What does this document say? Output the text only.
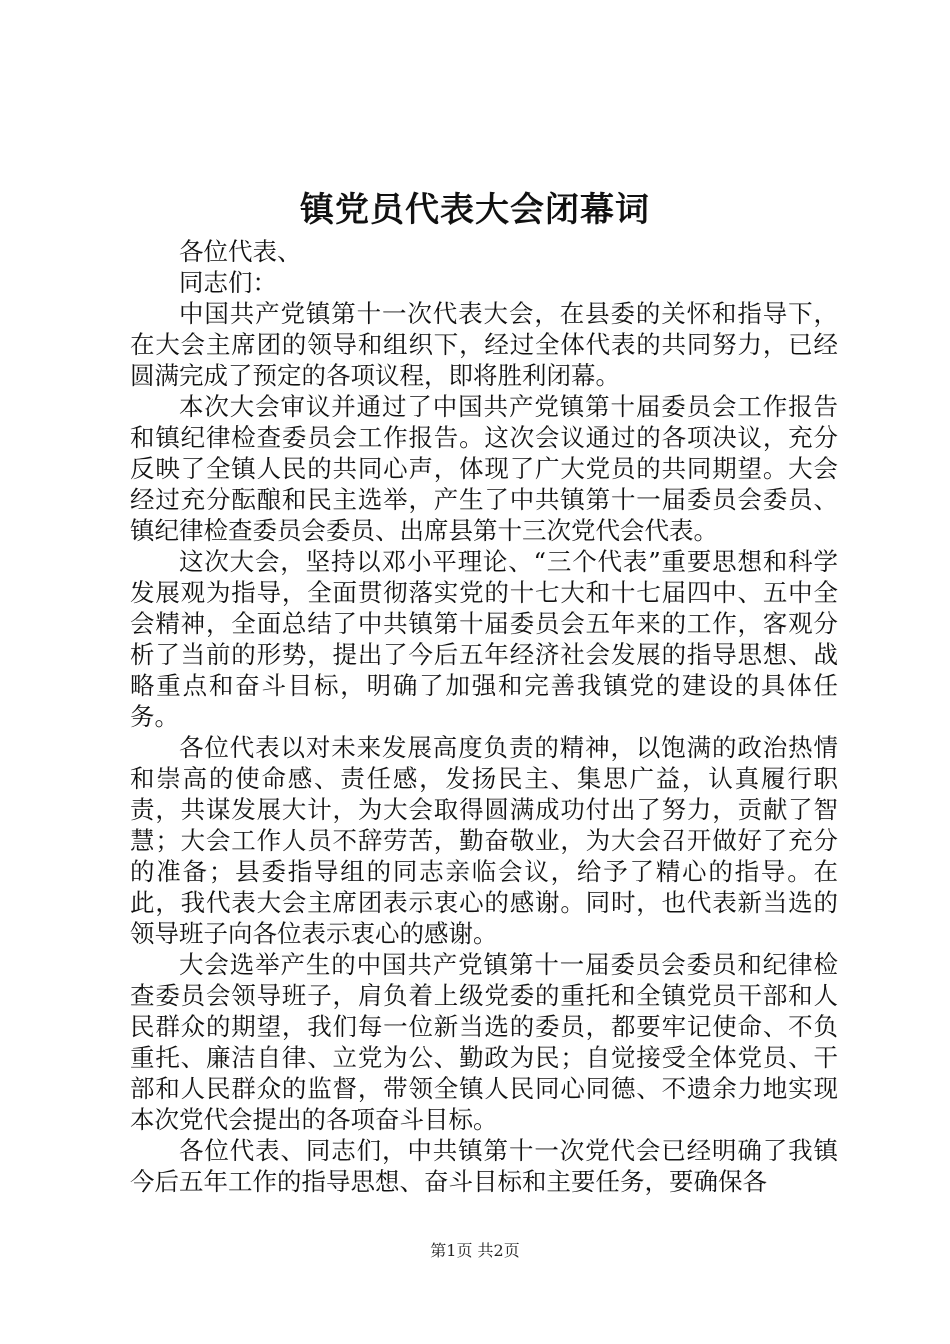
镇党员代表大会闭幕词

各位代表、

同志们：

中国共产党镇第十一次代表大会，在县委的关怀和指导下，在大会主席团的领导和组织下，经过全体代表的共同努力，已经圆满完成了预定的各项议程，即将胜利闭幕。

本次大会审议并通过了中国共产党镇第十届委员会工作报告和镇纪律检查委员会工作报告。这次会议通过的各项决议，充分反映了全镇人民的共同心声，体现了广大党员的共同期望。大会经过充分酝酿和民主选举，产生了中共镇第十一届委员会委员、镇纪律检查委员会委员、出席县第十三次党代会代表。

这次大会，坚持以邓小平理论、“三个代表”重要思想和科学发展观为指导，全面贯彻落实党的十七大和十七届四中、五中全会精神，全面总结了中共镇第十届委员会五年来的工作，客观分析了当前的形势，提出了今后五年经济社会发展的指导思想、战略重点和奋斗目标，明确了加强和完善我镇党的建设的具体任务。

各位代表以对未来发展高度负责的精神，以饱满的政治热情和崇高的使命感、责任感，发扬民主、集思广益，认真履行职责，共谋发展大计，为大会取得圆满成功付出了努力，贡献了智慧；大会工作人员不辞劳苦，勤奋敬业，为大会召开做好了充分的准备；县委指导组的同志亲临会议，给予了精心的指导。在此，我代表大会主席团表示衷心的感谢。同时，也代表新当选的领导班子向各位表示衷心的感谢。

大会选举产生的中国共产党镇第十一届委员会委员和纪律检查委员会领导班子，肩负着上级党委的重托和全镇党员干部和人民群众的期望，我们每一位新当选的委员，都要牢记使命、不负重托、廉洁自律、立党为公、勤政为民；自觉接受全体党员、干部和人民群众的监督，带领全镇人民同心同德、不遗余力地实现本次党代会提出的各项奋斗目标。

各位代表、同志们，中共镇第十一次党代会已经明确了我镇今后五年工作的指导思想、奋斗目标和主要任务，要确保各

第1页 共2页
